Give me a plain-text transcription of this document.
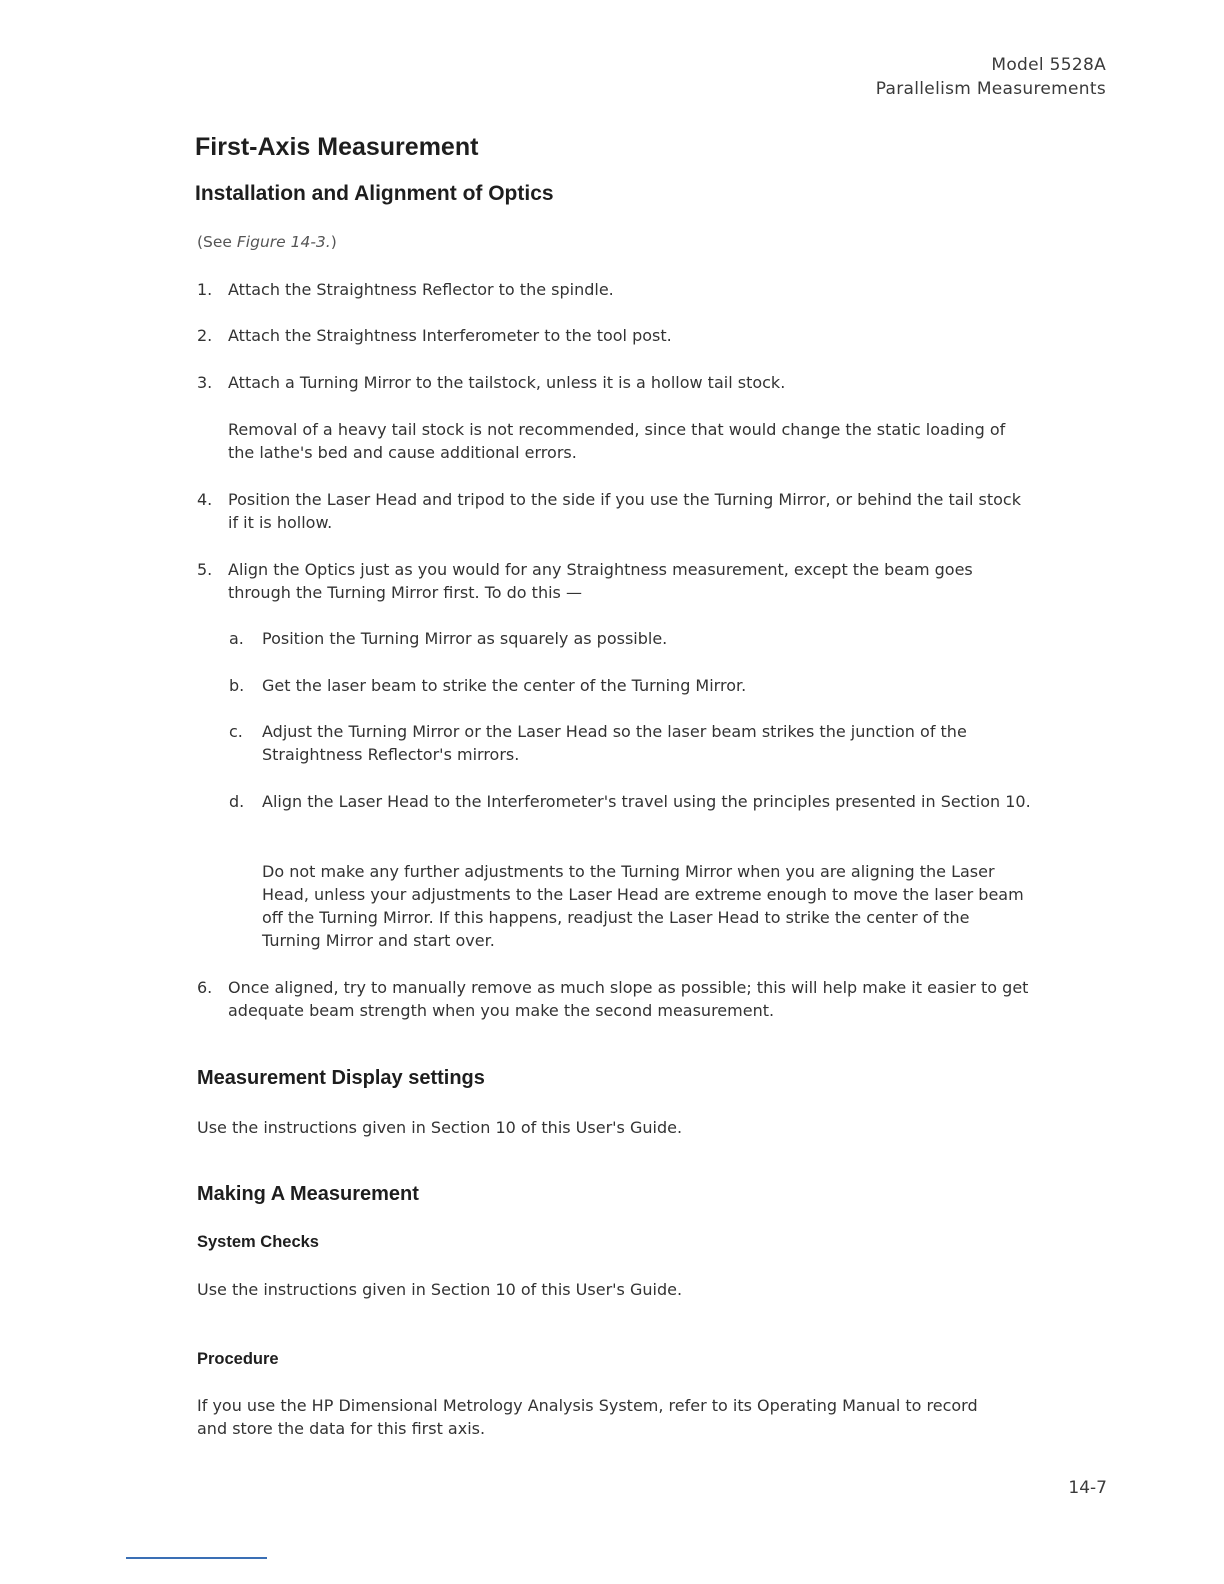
Model 5528A
Parallelism Measurements
First-Axis Measurement
Installation and Alignment of Optics
(See Figure 14-3.)
1. Attach the Straightness Reflector to the spindle.
2. Attach the Straightness Interferometer to the tool post.
3. Attach a Turning Mirror to the tailstock, unless it is a hollow tail stock.
Removal of a heavy tail stock is not recommended, since that would change the static loading of the lathe's bed and cause additional errors.
4. Position the Laser Head and tripod to the side if you use the Turning Mirror, or behind the tail stock if it is hollow.
5. Align the Optics just as you would for any Straightness measurement, except the beam goes through the Turning Mirror first. To do this —
a. Position the Turning Mirror as squarely as possible.
b. Get the laser beam to strike the center of the Turning Mirror.
c. Adjust the Turning Mirror or the Laser Head so the laser beam strikes the junction of the Straightness Reflector's mirrors.
d. Align the Laser Head to the Interferometer's travel using the principles presented in Section 10.
Do not make any further adjustments to the Turning Mirror when you are aligning the Laser Head, unless your adjustments to the Laser Head are extreme enough to move the laser beam off the Turning Mirror. If this happens, readjust the Laser Head to strike the center of the Turning Mirror and start over.
6. Once aligned, try to manually remove as much slope as possible; this will help make it easier to get adequate beam strength when you make the second measurement.
Measurement Display settings
Use the instructions given in Section 10 of this User's Guide.
Making A Measurement
System Checks
Use the instructions given in Section 10 of this User's Guide.
Procedure
If you use the HP Dimensional Metrology Analysis System, refer to its Operating Manual to record and store the data for this first axis.
14-7
